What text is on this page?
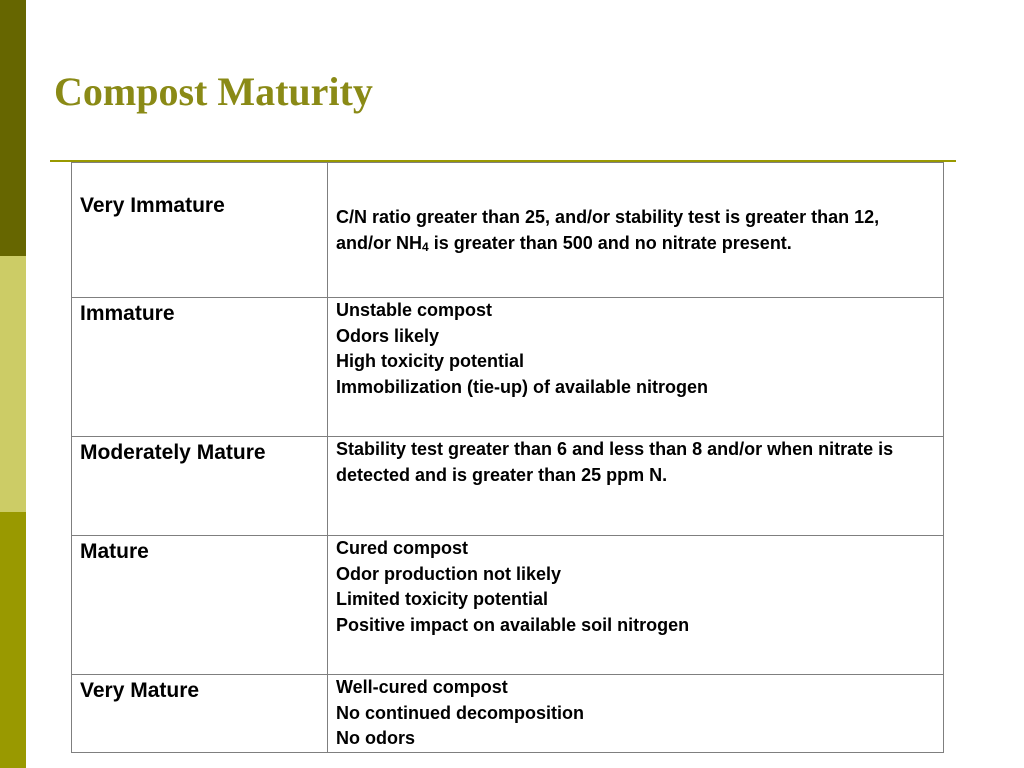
Compost Maturity
Very Immature	C/N ratio greater than 25, and/or stability test is greater than 12, and/or $NH_4$ is greater than 500 and no nitrate present.
Immature	Unstable compost
Odors likely
High toxicity potential
Immobilization (tie-up) of available nitrogen

Moderately Mature	Stability test greater than 6 and less than 8 and/or when nitrate is detected and is greater than 25 ppm N.

Mature	Cured compost
Odor production not likely
Limited toxicity potential
Positive impact on available soil nitrogen

Very Mature	Well-cured compost
No continued decomposition
No odors
